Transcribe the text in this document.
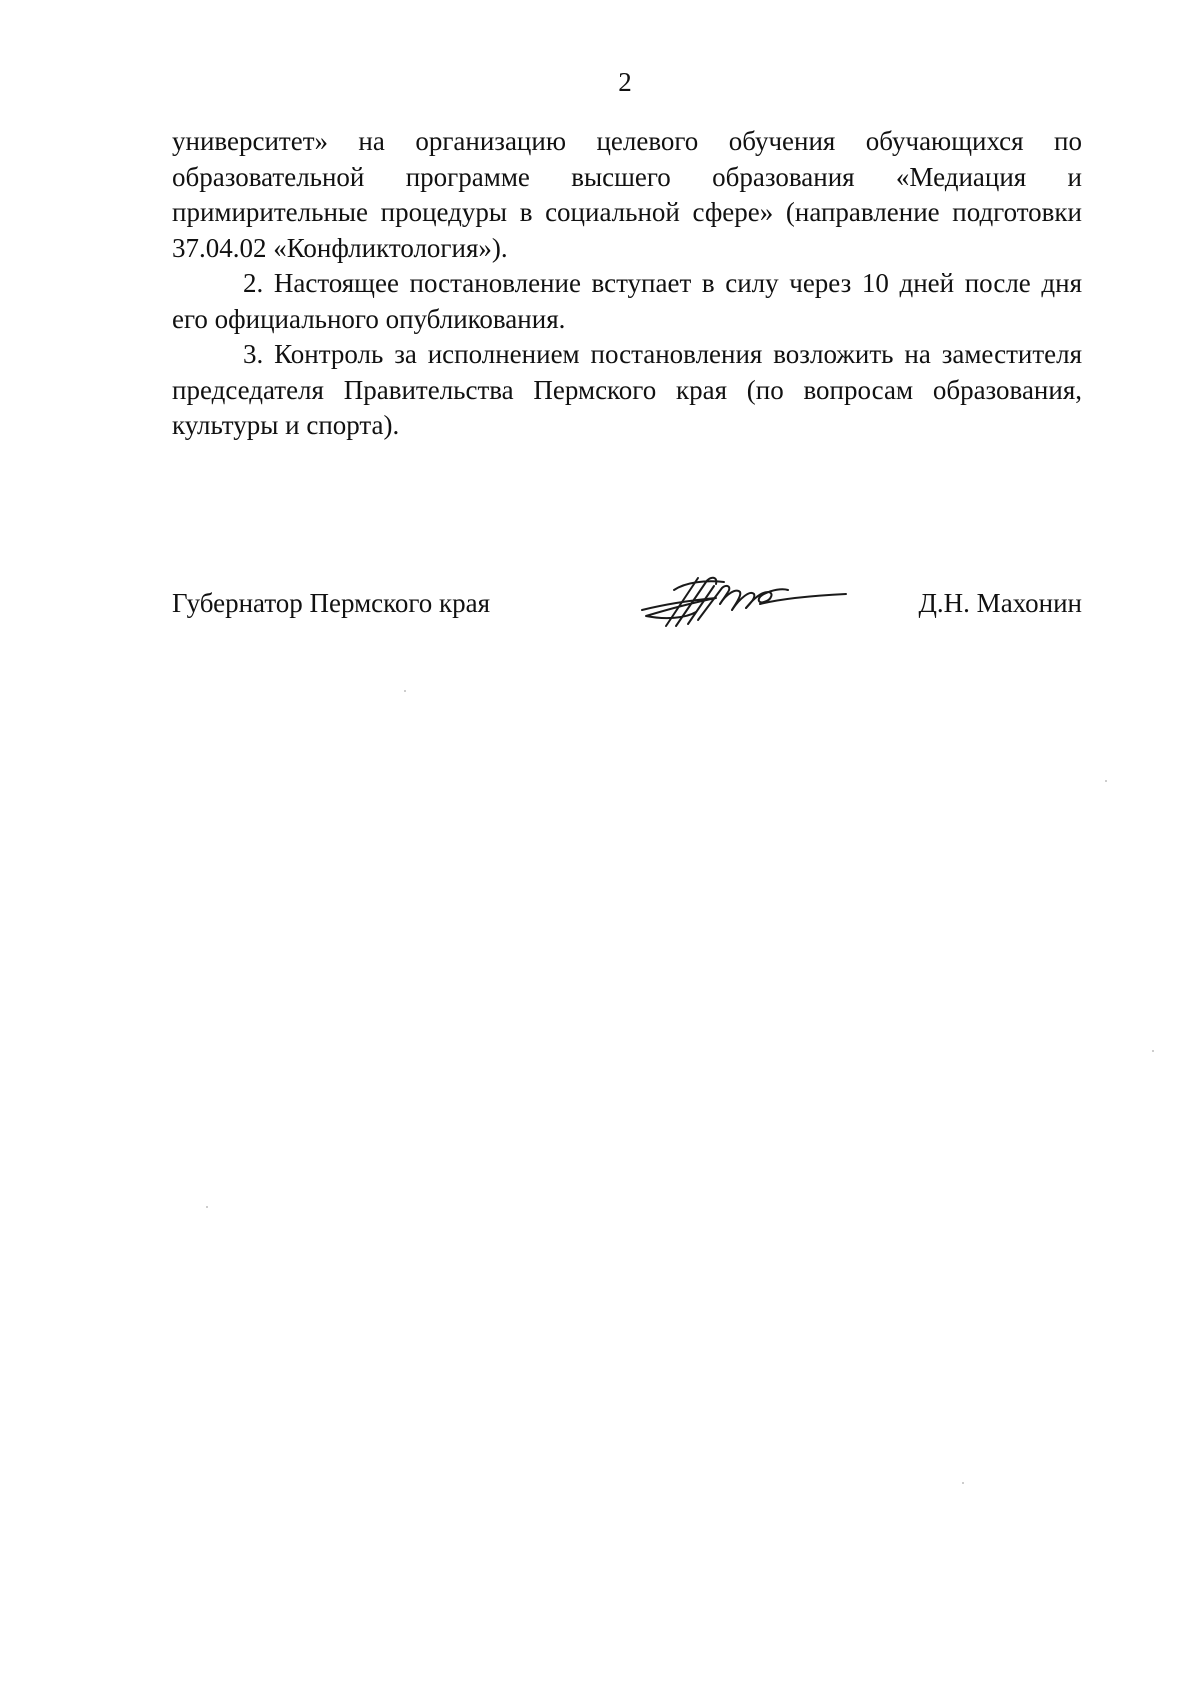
2

университет» на организацию целевого обучения обучающихся по образовательной программе высшего образования «Медиация и примирительные процедуры в социальной сфере» (направление подготовки 37.04.02 «Конфликтология»).

2. Настоящее постановление вступает в силу через 10 дней после дня его официального опубликования.

3. Контроль за исполнением постановления возложить на заместителя председателя Правительства Пермского края (по вопросам образования, культуры и спорта).

Губернатор Пермского края	Д.Н. Махонин
